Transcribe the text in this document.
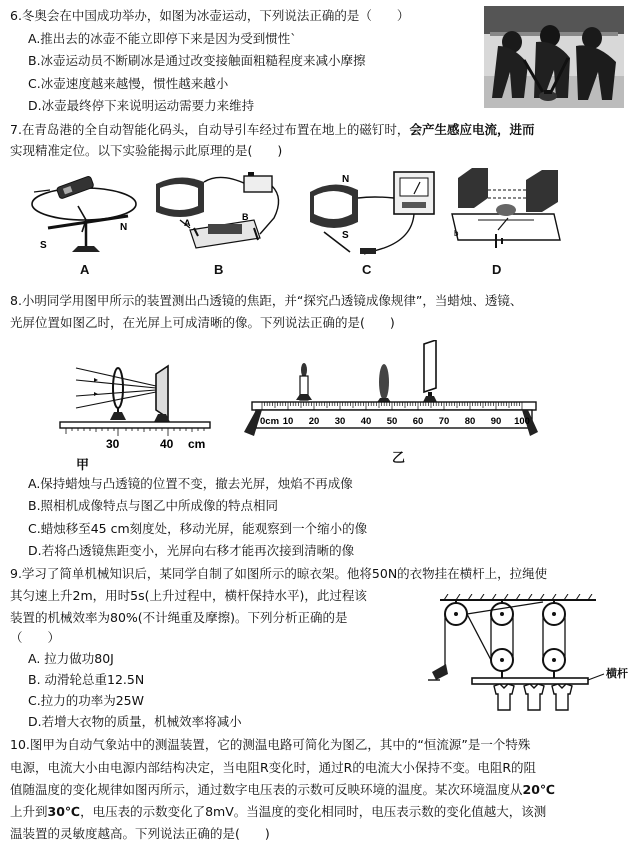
6.冬奥会在中国成功举办，如图为冰壶运动，下列说法正确的是（　　）
A.推出去的冰壶不能立即停下来是因为受到惯性`
B.冰壶运动员不断刷冰是通过改变接触面粗糙程度来减小摩擦
C.冰壶速度越来越慢，惯性越来越小
D.冰壶最终停下来说明运动需要力来维持
7.在青岛港的全自动智能化码头，自动导引车经过布置在地上的磁钉时，会产生感应电流，进而
实现精准定位。以下实验能揭示此原理的是(　　)
S
N
A
A
B
B
N
S
C
b
D
8.小明同学用图甲所示的装置测出凸透镜的焦距，并“探究凸透镜成像规律”，当蜡烛、透镜、
光屏位置如图乙时，在光屏上可成清晰的像。下列说法正确的是(　　)
30	40 cm
甲
0cm 10 20 30 40 50 60 70 80 90 100
乙
A.保持蜡烛与凸透镜的位置不变，撤去光屏，烛焰不再成像
B.照相机成像特点与图乙中所成像的特点相同
C.蜡烛移至45 cm刻度处，移动光屏，能观察到一个缩小的像
D.若将凸透镜焦距变小，光屏向右移才能再次接到清晰的像
9.学习了简单机械知识后，某同学自制了如图所示的晾衣架。他将50N的衣物挂在横杆上，拉绳使
其匀速上升2m，用时5s(上升过程中，横杆保持水平)，此过程该
装置的机械效率为80%(不计绳重及摩擦)。下列分析正确的是
（　　）
A. 拉力做功80J
B. 动滑轮总重12.5N
C.拉力的功率为25W
D.若增大衣物的质量，机械效率将减小
横杆
10.图甲为自动气象站中的测温装置，它的测温电路可简化为图乙，其中的“恒流源”是一个特殊
电源，电流大小由电源内部结构决定，当电阻R变化时，通过R的电流大小保持不变。电阻R的阻
值随温度的变化规律如图丙所示，通过数字电压表的示数可反映环境的温度。某次环境温度从20℃
上升到30℃，电压表的示数变化了8mV。当温度的变化相同时，电压表示数的变化值越大，该测
温装置的灵敏度越高。下列说法正确的是(　　)
